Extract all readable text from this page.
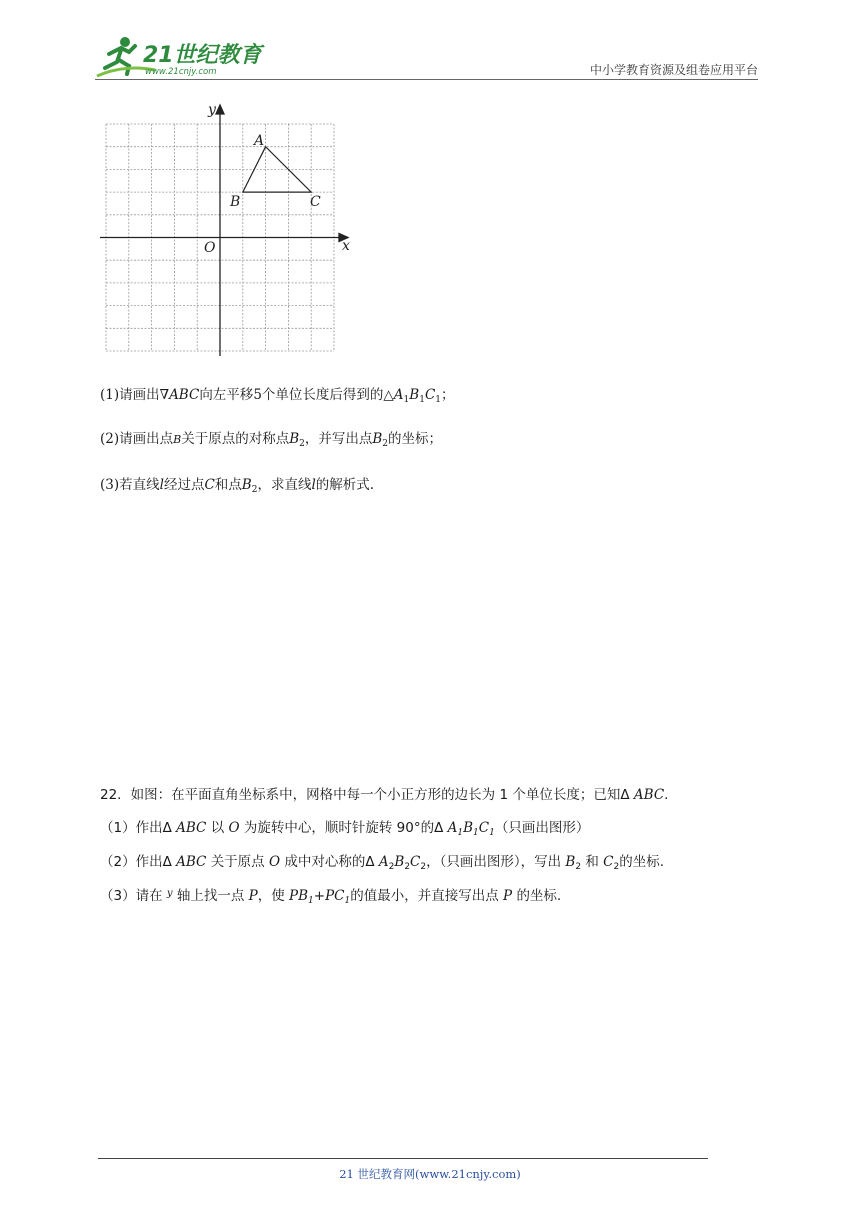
21世纪教育
www.21cnjy.com	中小学教育资源及组卷应用平台
y
x
O
A
B	C
(1)请画出∇ABC向左平移5个单位长度后得到的$\triangle A_1B_1C_1$；
(2)请画出点B关于原点的对称点$B_2$，并写出点$B_2$的坐标；
(3)若直线l经过点C和点$B_2$，求直线l的解析式.
22．如图：在平面直角坐标系中，网格中每一个小正方形的边长为 1 个单位长度；已知Δ ABC.
（1）作出Δ ABC 以 O 为旋转中心，顺时针旋转 90°的Δ $A_1B_1C_1$（只画出图形）
（2）作出Δ ABC 关于原点 O 成中对心称的Δ $A_2B_2C_2$，（只画出图形），写出 $B_2$ 和 $C_2$的坐标.
（3）请在 $^y$ 轴上找一点 P，使 $PB_1+PC_1$的值最小，并直接写出点 P 的坐标.
21 世纪教育网(www.21cnjy.com)
